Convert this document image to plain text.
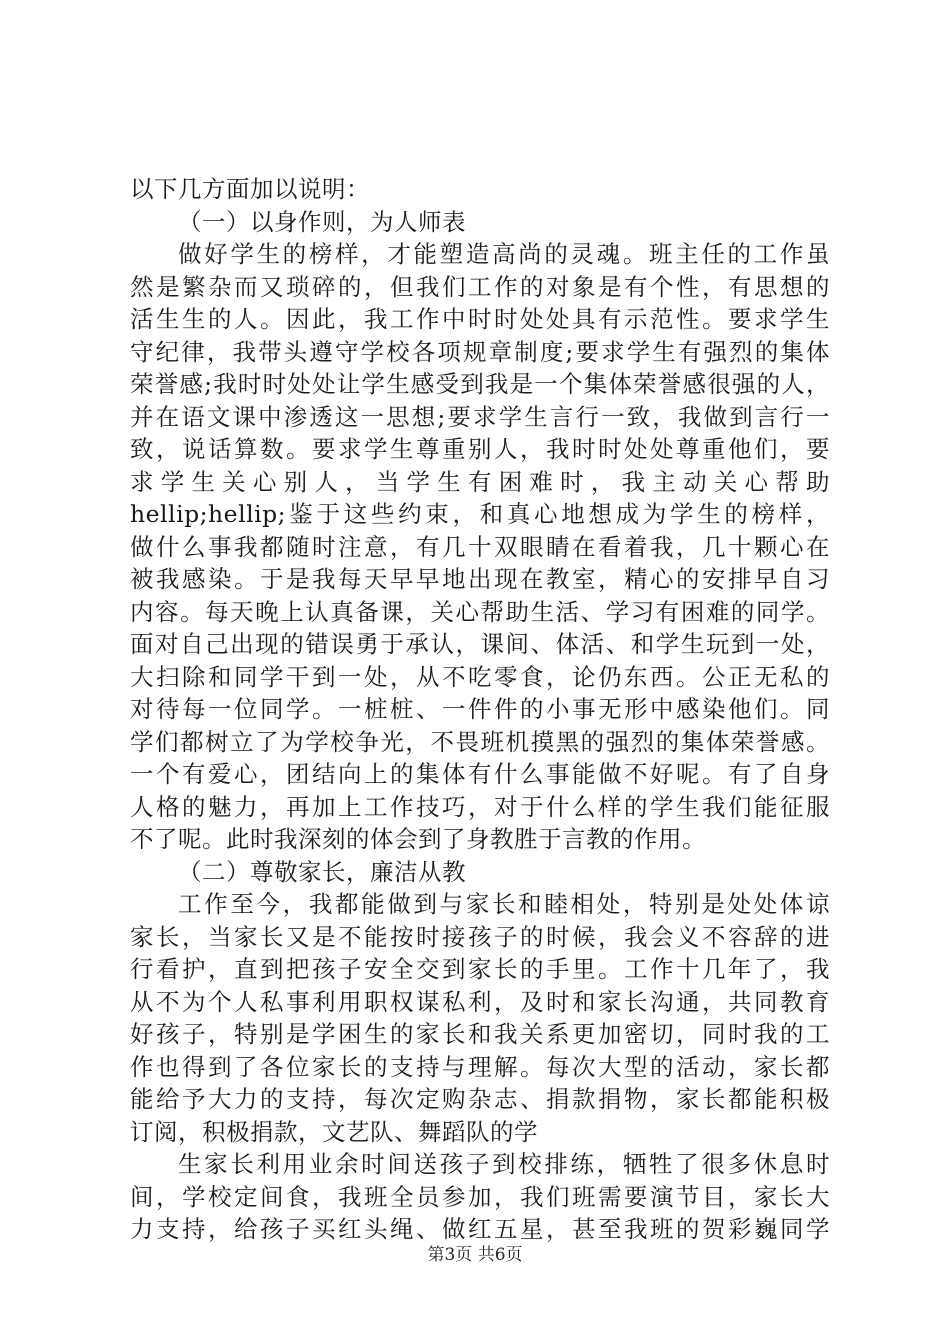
以下几方面加以说明：
（一）以身作则，为人师表
做好学生的榜样，才能塑造高尚的灵魂。班主任的工作虽
然是繁杂而又琐碎的，但我们工作的对象是有个性，有思想的
活生生的人。因此，我工作中时时处处具有示范性。要求学生
守纪律，我带头遵守学校各项规章制度;要求学生有强烈的集体
荣誉感;我时时处处让学生感受到我是一个集体荣誉感很强的人，
并在语文课中渗透这一思想;要求学生言行一致，我做到言行一
致，说话算数。要求学生尊重别人，我时时处处尊重他们，要
求学生关心别人，当学生有困难时，我主动关心帮助
hellip;hellip;鉴于这些约束，和真心地想成为学生的榜样，
做什么事我都随时注意，有几十双眼睛在看着我，几十颗心在
被我感染。于是我每天早早地出现在教室，精心的安排早自习
内容。每天晚上认真备课，关心帮助生活、学习有困难的同学。
面对自己出现的错误勇于承认，课间、体活、和学生玩到一处，
大扫除和同学干到一处，从不吃零食，论仍东西。公正无私的
对待每一位同学。一桩桩、一件件的小事无形中感染他们。同
学们都树立了为学校争光，不畏班机摸黑的强烈的集体荣誉感。
一个有爱心，团结向上的集体有什么事能做不好呢。有了自身
人格的魅力，再加上工作技巧，对于什么样的学生我们能征服
不了呢。此时我深刻的体会到了身教胜于言教的作用。
（二）尊敬家长，廉洁从教
工作至今，我都能做到与家长和睦相处，特别是处处体谅
家长，当家长又是不能按时接孩子的时候，我会义不容辞的进
行看护，直到把孩子安全交到家长的手里。工作十几年了，我
从不为个人私事利用职权谋私利，及时和家长沟通，共同教育
好孩子，特别是学困生的家长和我关系更加密切，同时我的工
作也得到了各位家长的支持与理解。每次大型的活动，家长都
能给予大力的支持，每次定购杂志、捐款捐物，家长都能积极
订阅，积极捐款，文艺队、舞蹈队的学
生家长利用业余时间送孩子到校排练，牺牲了很多休息时
间，学校定间食，我班全员参加，我们班需要演节目，家长大
力支持，给孩子买红头绳、做红五星，甚至我班的贺彩巍同学
第3页 共6页
